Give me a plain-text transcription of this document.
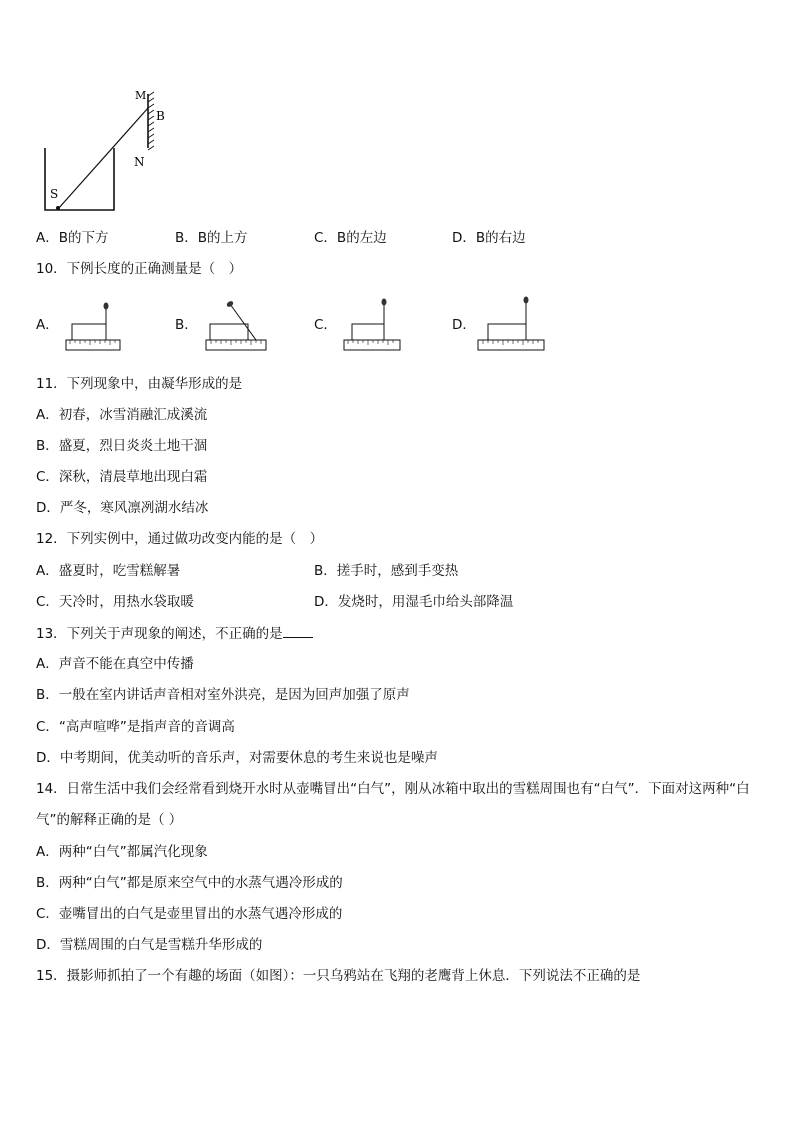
M
B
N
S
A．B的下方	B．B的上方	C．B的左边	D．B的右边
10．下例长度的正确测量是（　）
A．	B．	C．	D．
11．下列现象中，由凝华形成的是
A．初春，冰雪消融汇成溪流
B．盛夏，烈日炎炎土地干涸
C．深秋，清晨草地出现白霜
D．严冬，寒风凛冽湖水结冰
12．下列实例中，通过做功改变内能的是（　）
A．盛夏时，吃雪糕解暑	B．搓手时，感到手变热
C．天冷时，用热水袋取暖	D．发烧时，用湿毛巾给头部降温
13．下列关于声现象的阐述，不正确的是
A．声音不能在真空中传播
B．一般在室内讲话声音相对室外洪亮，是因为回声加强了原声
C．“高声喧哗”是指声音的音调高
D．中考期间，优美动听的音乐声，对需要休息的考生来说也是噪声
14．日常生活中我们会经常看到烧开水时从壶嘴冒出“白气”，刚从冰箱中取出的雪糕周围也有“白气”．下面对这两种“白
气”的解释正确的是（ ）
A．两种“白气”都属汽化现象
B．两种“白气”都是原来空气中的水蒸气遇冷形成的
C．壶嘴冒出的白气是壶里冒出的水蒸气遇冷形成的
D．雪糕周围的白气是雪糕升华形成的
15．摄影师抓拍了一个有趣的场面（如图）：一只乌鸦站在飞翔的老鹰背上休息．下列说法不正确的是
